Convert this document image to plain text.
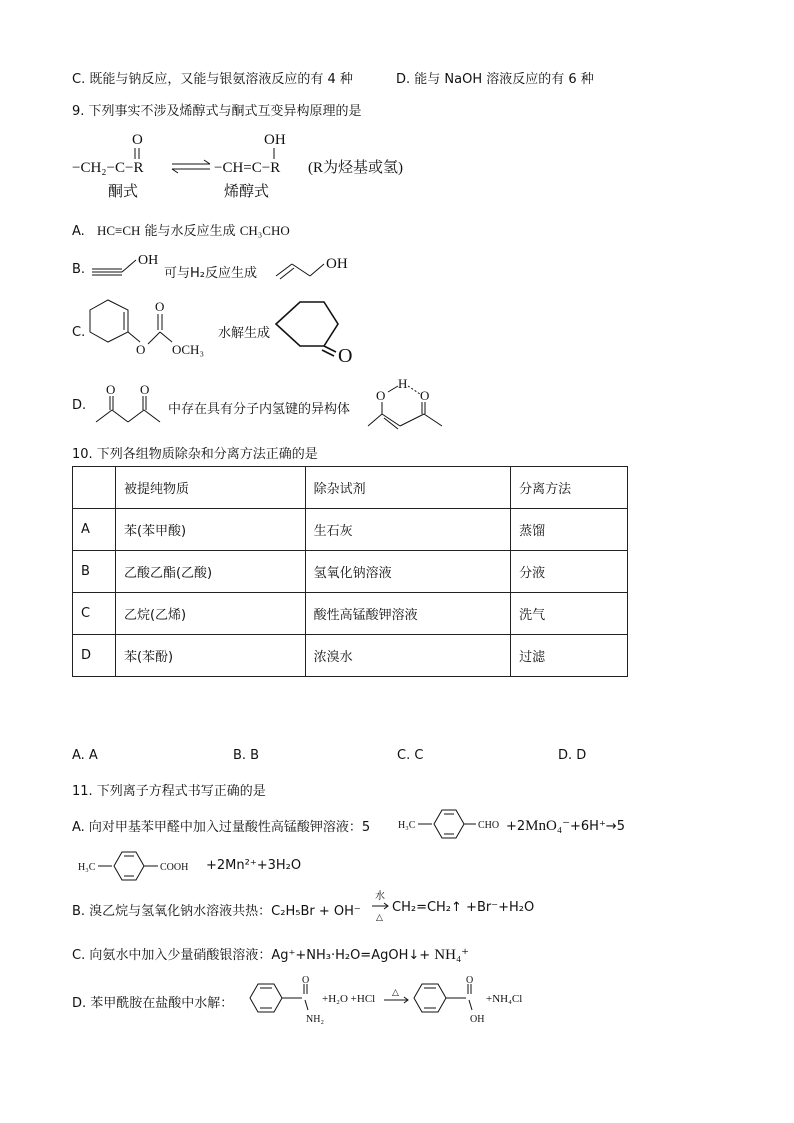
C. 既能与钠反应，又能与银氨溶液反应的有 4 种	D. 能与 NaOH 溶液反应的有 6 种
9. 下列事实不涉及烯醇式与酮式互变异构原理的是
O
−CH₂−C−R
OH
−CH=C−R (R为烃基或氢)
酮式	烯醇式
A. HC≡CH 能与水反应生成 CH₃CHO
B.
OH
可与H₂反应生成
OH
C.
O
O
OCH₃
水解生成
O
D.
O O
中存在具有分子内氢键的异构体
H
O	O
10. 下列各组物质除杂和分离方法正确的是
	被提纯物质	除杂试剂	分离方法
A	苯(苯甲酸)	生石灰	蒸馏
B	乙酸乙酯(乙酸)	氢氧化钠溶液	分液
C	乙烷(乙烯)	酸性高锰酸钾溶液	洗气
D	苯(苯酚)	浓溴水	过滤
A. A	B. B	C. C	D. D
11. 下列离子方程式书写正确的是
A. 向对甲基苯甲醛中加入过量酸性高锰酸钾溶液：5	H₃C	CHO +2MnO₄⁻+6H⁺→5
H₃C	COOH +2Mn²⁺+3H₂O
B. 溴乙烷与氢氧化钠水溶液共热：C₂H₅Br + OH⁻
水
△
CH₂=CH₂↑ +Br⁻+H₂O
C. 向氨水中加入少量硝酸银溶液：Ag⁺+NH₃·H₂O=AgOH↓+ NH₄⁺
D. 苯甲酰胺在盐酸中水解：
O
NH₂
+H₂O +HCl
△
O
OH
+NH₄Cl
